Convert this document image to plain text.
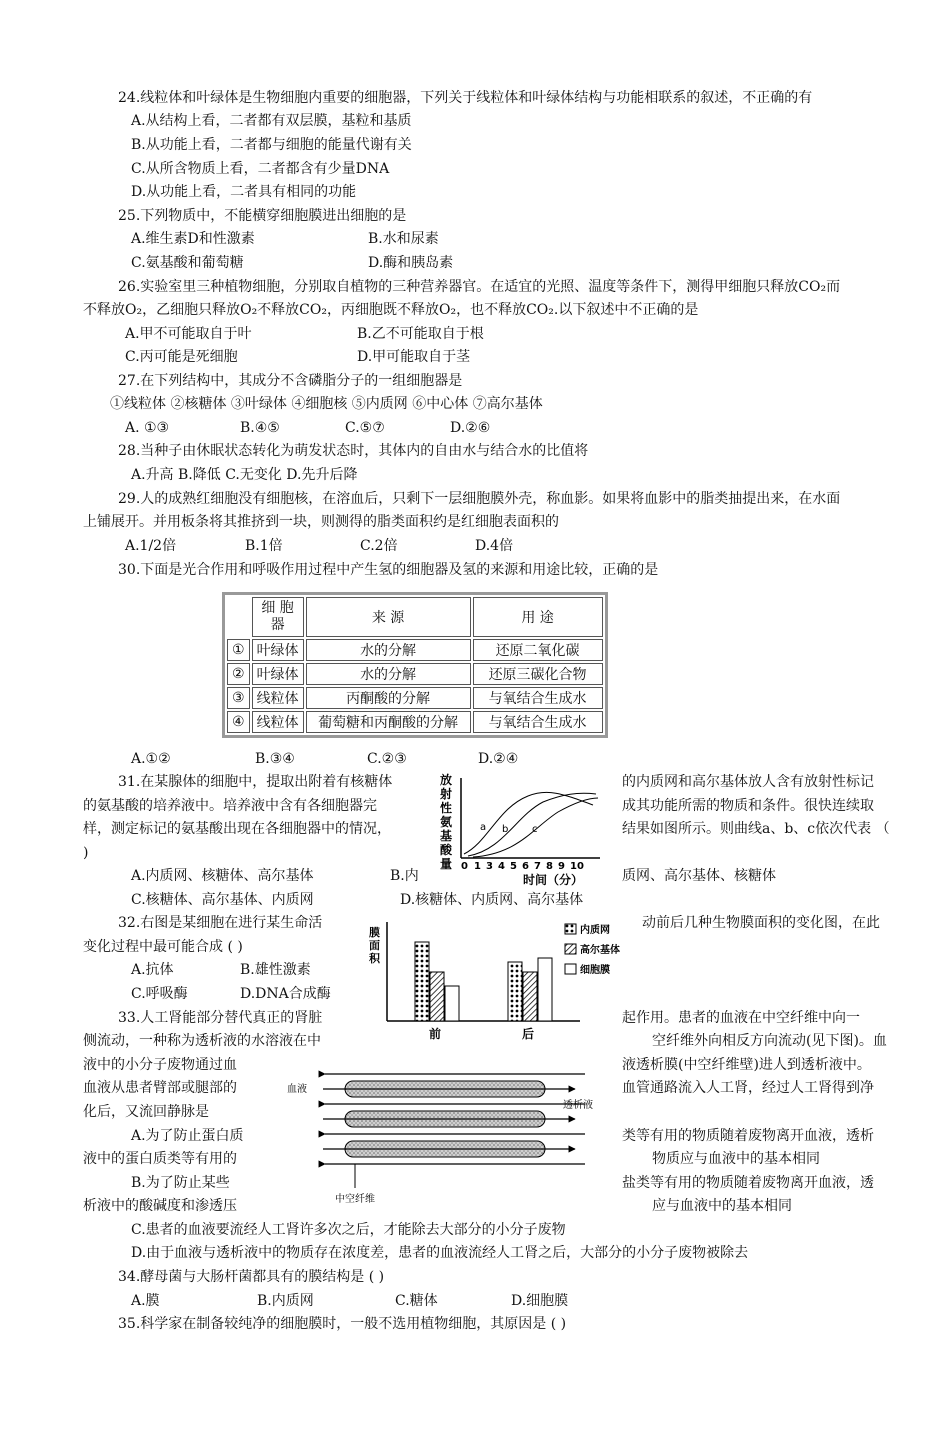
24.线粒体和叶绿体是生物细胞内重要的细胞器，下列关于线粒体和叶绿体结构与功能相联系的叙述，不正确的有
A.从结构上看，二者都有双层膜，基粒和基质
B.从功能上看，二者都与细胞的能量代谢有关
C.从所含物质上看，二者都含有少量DNA
D.从功能上看，二者具有相同的功能
25.下列物质中，不能横穿细胞膜进出细胞的是
A.维生素D和性激素	B.水和尿素
C.氨基酸和葡萄糖	D.酶和胰岛素
26.实验室里三种植物细胞，分别取自植物的三种营养器官。在适宜的光照、温度等条件下，测得甲细胞只释放CO₂而
不释放O₂，乙细胞只释放O₂不释放CO₂，丙细胞既不释放O₂，也不释放CO₂.以下叙述中不正确的是
A.甲不可能取自于叶	B.乙不可能取自于根
C.丙可能是死细胞	D.甲可能取自于茎
27.在下列结构中，其成分不含磷脂分子的一组细胞器是
①线粒体 ②核糖体 ③叶绿体 ④细胞核 ⑤内质网 ⑥中心体 ⑦高尔基体
A. ①③	B.④⑤	C.⑤⑦	D.②⑥
28.当种子由休眠状态转化为萌发状态时，其体内的自由水与结合水的比值将
A.升高 B.降低 C.无变化 D.先升后降
29.人的成熟红细胞没有细胞核，在溶血后，只剩下一层细胞膜外壳，称血影。如果将血影中的脂类抽提出来，在水面
上铺展开。并用板条将其推挤到一块，则测得的脂类面积约是红细胞表面积的
A.1/2倍	B.1倍	C.2倍	D.4倍
30.下面是光合作用和呼吸作用过程中产生氢的细胞器及氢的来源和用途比较，正确的是
	细 胞
器	来 源	用 途
①	叶绿体	水的分解	还原二氧化碳
②	叶绿体	水的分解	还原三碳化合物
③	线粒体	丙酮酸的分解	与氧结合生成水
④	线粒体	葡萄糖和丙酮酸的分解	与氧结合生成水
A.①②	B.③④	C.②③	D.②④
31.在某腺体的细胞中，提取出附着有核糖体	的内质网和高尔基体放人含有放射性标记
的氨基酸的培养液中。培养液中含有各细胞器完	成其功能所需的物质和条件。很快连续取
样，测定标记的氨基酸出现在各细胞器中的情况，	结果如图所示。则曲线a、b、c依次代表 （
)
A.内质网、核糖体、高尔基体	B.内	质网、高尔基体、核糖体
C.核糖体、高尔基体、内质网	D.核糖体、内质网、高尔基体
放
射
性
氨
基
酸
量
a b c
0 1 3 4 5 6 7 8 9 10
时间（分）
32.右图是某细胞在进行某生命活	动前后几种生物膜面积的变化图，在此
变化过程中最可能合成 ( )
A.抗体	B.雄性激素
C.呼吸酶	D.DNA合成酶
膜
面
积
前	后
内质网
高尔基体
细胞膜
33.人工肾能部分替代真正的肾脏	起作用。患者的血液在中空纤维中向一
侧流动，一种称为透析液的水溶液在中	空纤维外向相反方向流动(见下图)。血
液中的小分子废物通过血	液透析膜(中空纤维壁)进人到透析液中。
血液从患者臂部或腿部的	血管通路流入人工肾，经过人工肾得到净
化后，又流回静脉是
A.为了防止蛋白质	类等有用的物质随着废物离开血液，透析
液中的蛋白质类等有用的	物质应与血液中的基本相同
B.为了防止某些	盐类等有用的物质随着废物离开血液，透
析液中的酸碱度和渗透压	应与血液中的基本相同
C.患者的血液要流经人工肾许多次之后，才能除去大部分的小分子废物
D.由于血液与透析液中的物质存在浓度差，患者的血液流经人工肾之后，大部分的小分子废物被除去
血液
透析液
中空纤维
34.酵母菌与大肠杆菌都具有的膜结构是 ( )
A.膜	B.内质网	C.糖体	D.细胞膜
35.科学家在制备较纯净的细胞膜时，一般不选用植物细胞，其原因是 ( )
